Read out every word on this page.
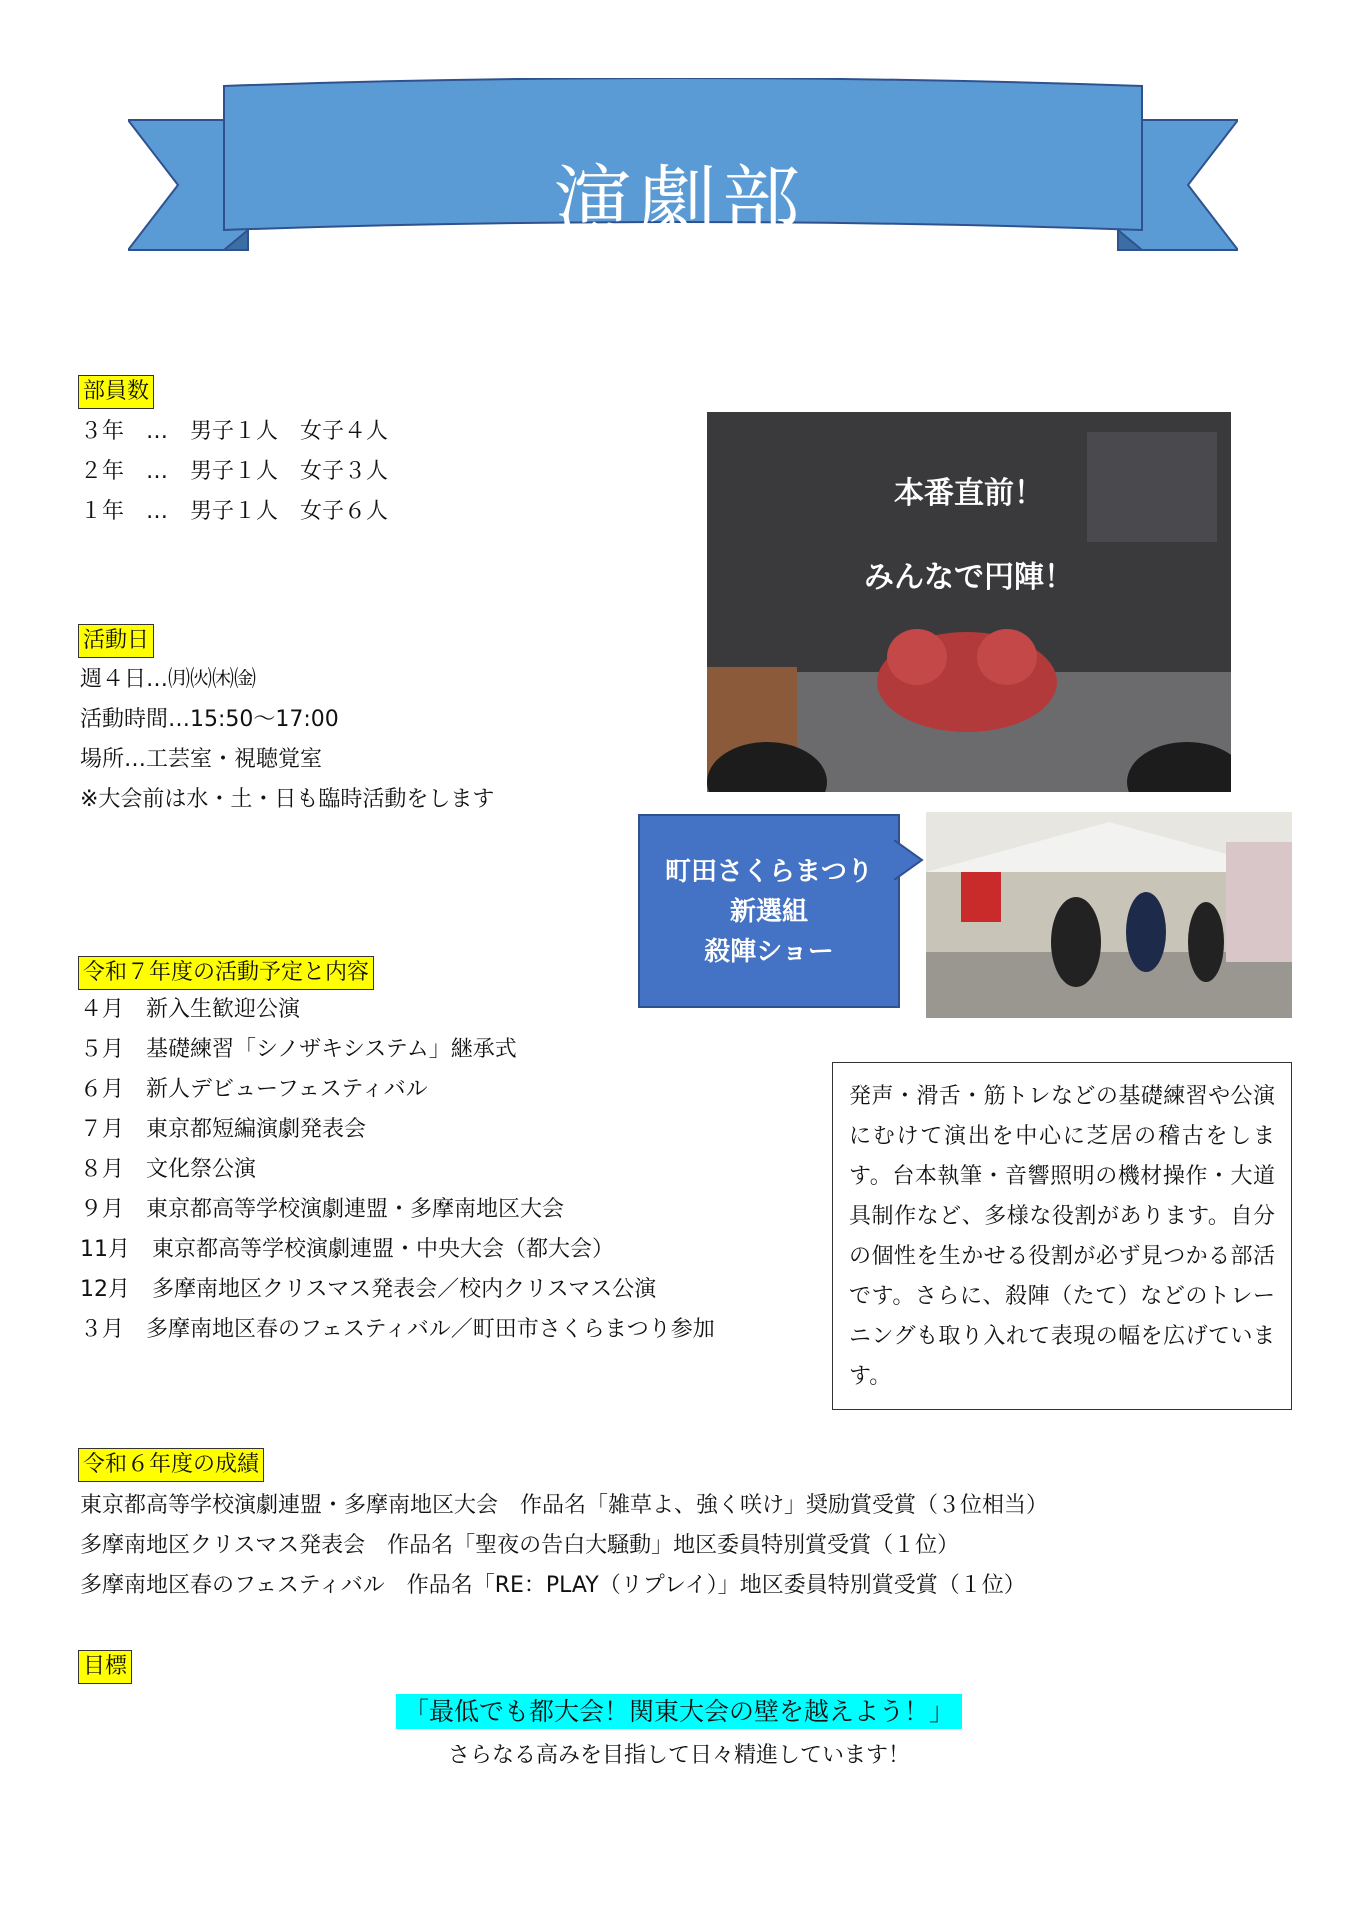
演劇部
部員数
３年　…　男子１人　女子４人
２年　…　男子１人　女子３人
１年　…　男子１人　女子６人
活動日
週４日…㈪㈫㈭㈮
活動時間…15:50～17:00
場所…工芸室・視聴覚室
※大会前は水・土・日も臨時活動をします
本番直前！
みんなで円陣！
町田さくらまつり
新選組
殺陣ショー
令和７年度の活動予定と内容
４月　新入生歓迎公演
５月　基礎練習「シノザキシステム」継承式
６月　新人デビューフェスティバル
７月　東京都短編演劇発表会
８月　文化祭公演
９月　東京都高等学校演劇連盟・多摩南地区大会
11月　東京都高等学校演劇連盟・中央大会（都大会）
12月　多摩南地区クリスマス発表会／校内クリスマス公演
３月　多摩南地区春のフェスティバル／町田市さくらまつり参加
発声・滑舌・筋トレなどの基礎練習や公演にむけて演出を中心に芝居の稽古をします。台本執筆・音響照明の機材操作・大道具制作など、多様な役割があります。自分の個性を生かせる役割が必ず見つかる部活です。さらに、殺陣（たて）などのトレーニングも取り入れて表現の幅を広げています。
令和６年度の成績
東京都高等学校演劇連盟・多摩南地区大会　作品名「雑草よ、強く咲け」奨励賞受賞（３位相当）
多摩南地区クリスマス発表会　作品名「聖夜の告白大騒動」地区委員特別賞受賞（１位）
多摩南地区春のフェスティバル　作品名「RE：PLAY（リプレイ）」地区委員特別賞受賞（１位）
目標
「最低でも都大会！関東大会の壁を越えよう！」
さらなる高みを目指して日々精進しています！
